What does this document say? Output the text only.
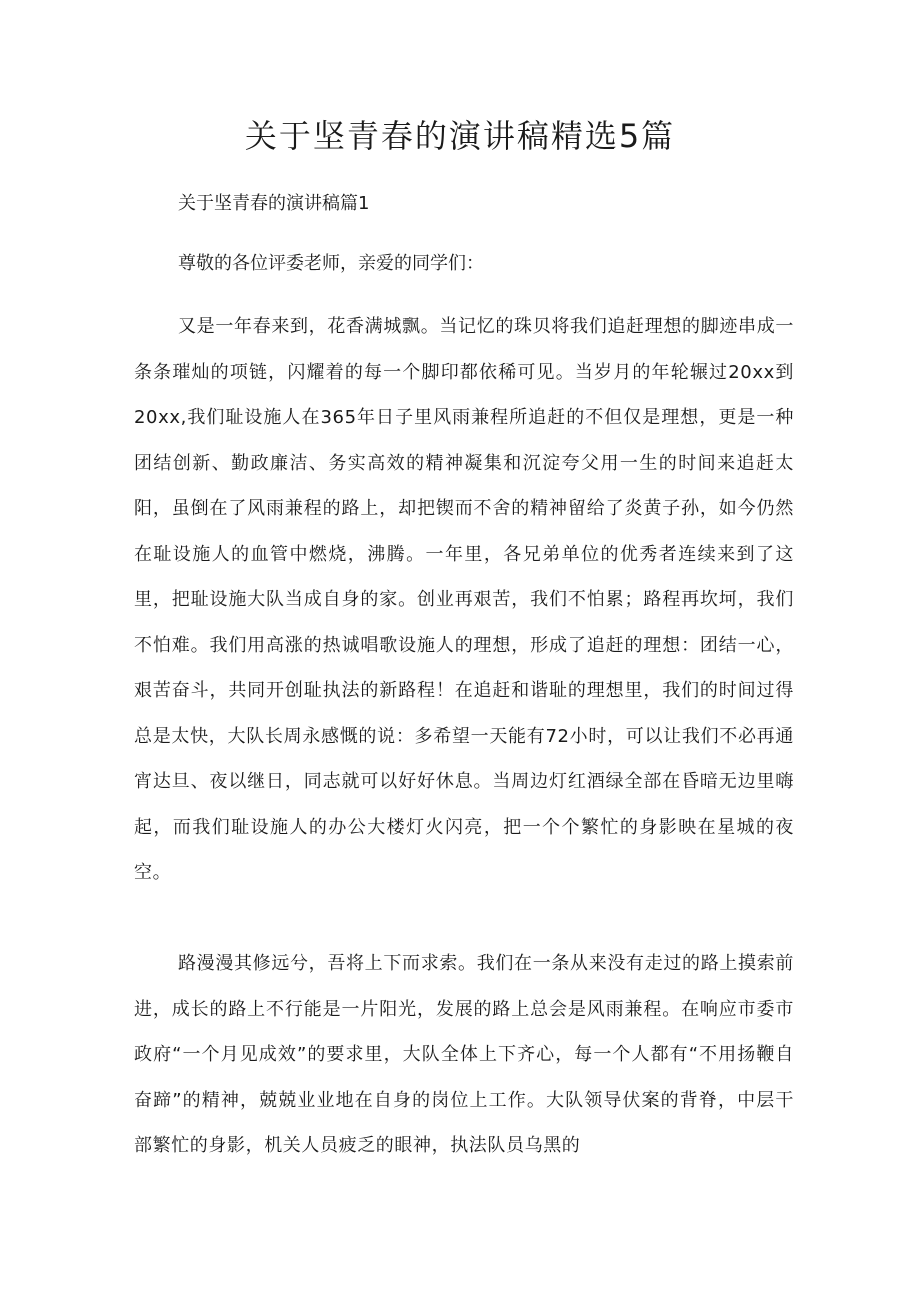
关于坚青春的演讲稿精选5篇
关于坚青春的演讲稿篇1

尊敬的各位评委老师，亲爱的同学们：

又是一年春来到，花香满城飘。当记忆的珠贝将我们追赶理想的脚迹串成一条条璀灿的项链，闪耀着的每一个脚印都依稀可见。当岁月的年轮辗过20xx到20xx,我们耻设施人在365年日子里风雨兼程所追赶的不但仅是理想，更是一种团结创新、勤政廉洁、务实高效的精神凝集和沉淀夸父用一生的时间来追赶太阳，虽倒在了风雨兼程的路上，却把锲而不舍的精神留给了炎黄子孙，如今仍然在耻设施人的血管中燃烧，沸腾。一年里，各兄弟单位的优秀者连续来到了这里，把耻设施大队当成自身的家。创业再艰苦，我们不怕累；路程再坎坷，我们不怕难。我们用高涨的热诚唱歌设施人的理想，形成了追赶的理想：团结一心，艰苦奋斗，共同开创耻执法的新路程！在追赶和谐耻的理想里，我们的时间过得总是太快，大队长周永感慨的说：多希望一天能有72小时，可以让我们不必再通宵达旦、夜以继日，同志就可以好好休息。当周边灯红酒绿全部在昏暗无边里嗨起，而我们耻设施人的办公大楼灯火闪亮，把一个个繁忙的身影映在星城的夜空。

路漫漫其修远兮，吾将上下而求索。我们在一条从来没有走过的路上摸索前进，成长的路上不行能是一片阳光，发展的路上总会是风雨兼程。在响应市委市政府“一个月见成效”的要求里，大队全体上下齐心，每一个人都有“不用扬鞭自奋蹄”的精神，兢兢业业地在自身的岗位上工作。大队领导伏案的背脊，中层干部繁忙的身影，机关人员疲乏的眼神，执法队员乌黑的
